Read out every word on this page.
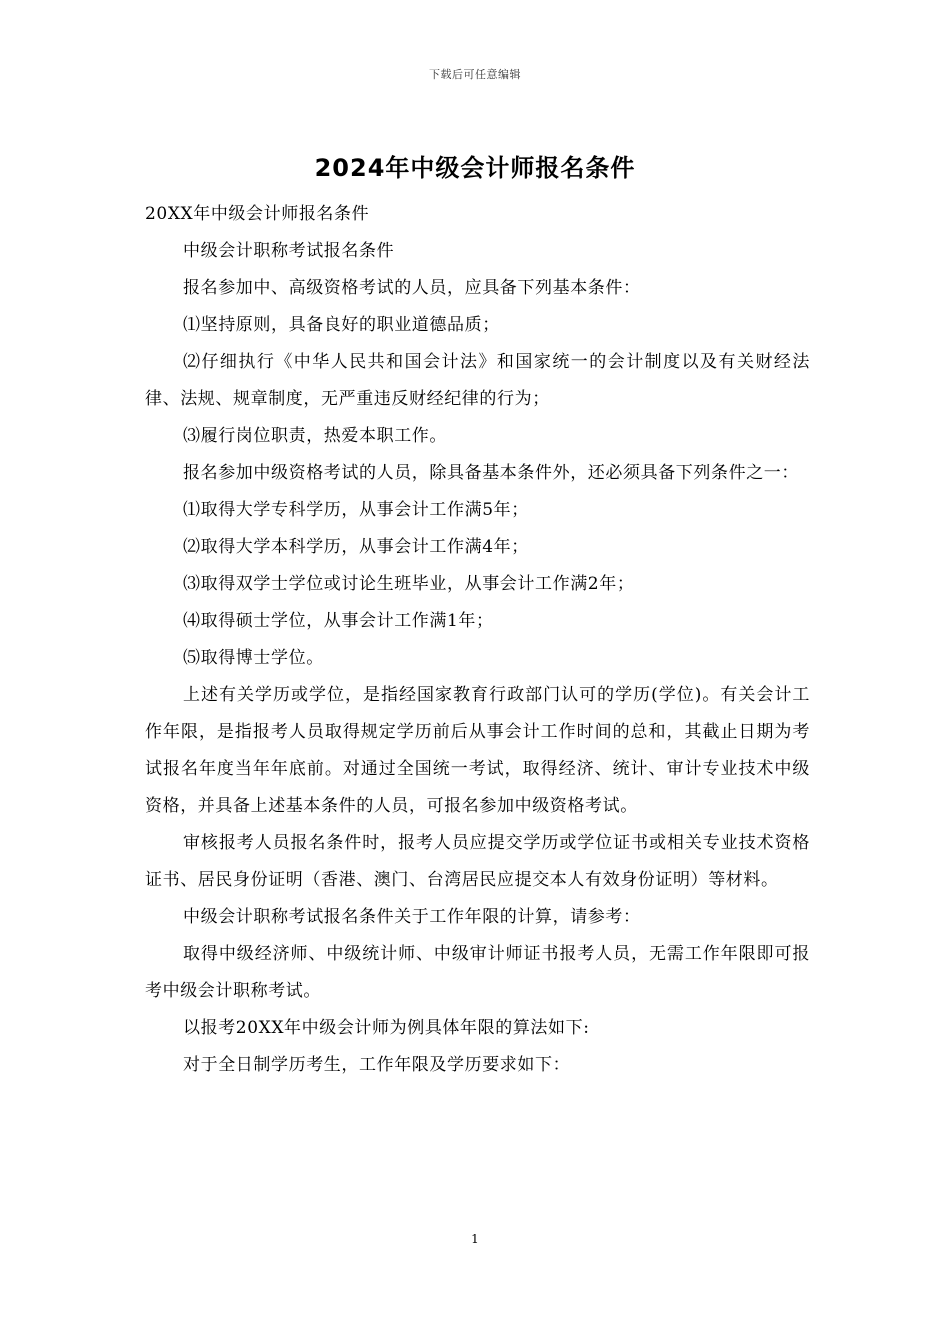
下载后可任意编辑
2024年中级会计师报名条件

20XX年中级会计师报名条件

中级会计职称考试报名条件

报名参加中、高级资格考试的人员，应具备下列基本条件：

⑴坚持原则，具备良好的职业道德品质；

⑵仔细执行《中华人民共和国会计法》和国家统一的会计制度以及有关财经法律、法规、规章制度，无严重违反财经纪律的行为；

⑶履行岗位职责，热爱本职工作。

报名参加中级资格考试的人员，除具备基本条件外，还必须具备下列条件之一：

⑴取得大学专科学历，从事会计工作满5年；

⑵取得大学本科学历，从事会计工作满4年；

⑶取得双学士学位或讨论生班毕业，从事会计工作满2年；

⑷取得硕士学位，从事会计工作满1年；

⑸取得博士学位。

上述有关学历或学位，是指经国家教育行政部门认可的学历(学位)。有关会计工作年限，是指报考人员取得规定学历前后从事会计工作时间的总和，其截止日期为考试报名年度当年年底前。对通过全国统一考试，取得经济、统计、审计专业技术中级资格，并具备上述基本条件的人员，可报名参加中级资格考试。

审核报考人员报名条件时，报考人员应提交学历或学位证书或相关专业技术资格证书、居民身份证明（香港、澳门、台湾居民应提交本人有效身份证明）等材料。

中级会计职称考试报名条件关于工作年限的计算，请参考：

取得中级经济师、中级统计师、中级审计师证书报考人员，无需工作年限即可报考中级会计职称考试。

以报考20XX年中级会计师为例具体年限的算法如下:

对于全日制学历考生，工作年限及学历要求如下：

1
